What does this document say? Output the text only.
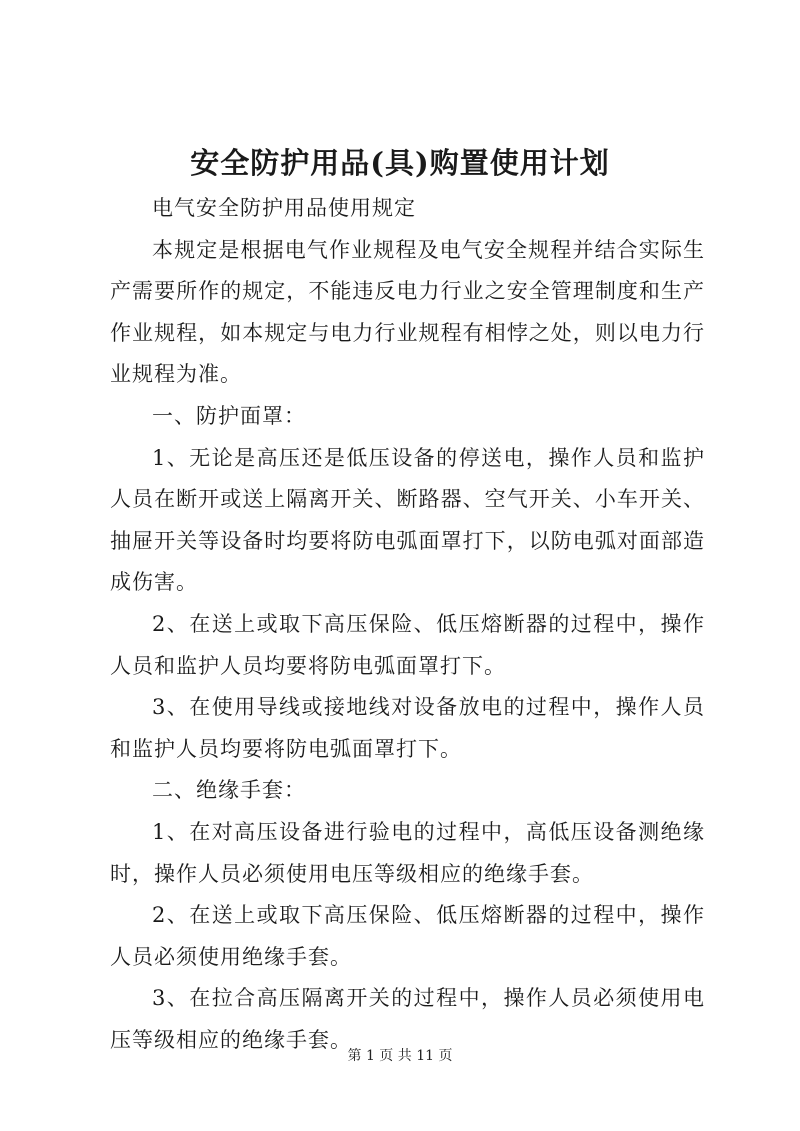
安全防护用品(具)购置使用计划

电气安全防护用品使用规定

本规定是根据电气作业规程及电气安全规程并结合实际生产需要所作的规定，不能违反电力行业之安全管理制度和生产作业规程，如本规定与电力行业规程有相悖之处，则以电力行业规程为准。

一、防护面罩：

1、无论是高压还是低压设备的停送电，操作人员和监护人员在断开或送上隔离开关、断路器、空气开关、小车开关、抽屉开关等设备时均要将防电弧面罩打下，以防电弧对面部造成伤害。

2、在送上或取下高压保险、低压熔断器的过程中，操作人员和监护人员均要将防电弧面罩打下。

3、在使用导线或接地线对设备放电的过程中，操作人员和监护人员均要将防电弧面罩打下。

二、绝缘手套：

1、在对高压设备进行验电的过程中，高低压设备测绝缘时，操作人员必须使用电压等级相应的绝缘手套。

2、在送上或取下高压保险、低压熔断器的过程中，操作人员必须使用绝缘手套。

3、在拉合高压隔离开关的过程中，操作人员必须使用电压等级相应的绝缘手套。

第 1 页 共 11 页
